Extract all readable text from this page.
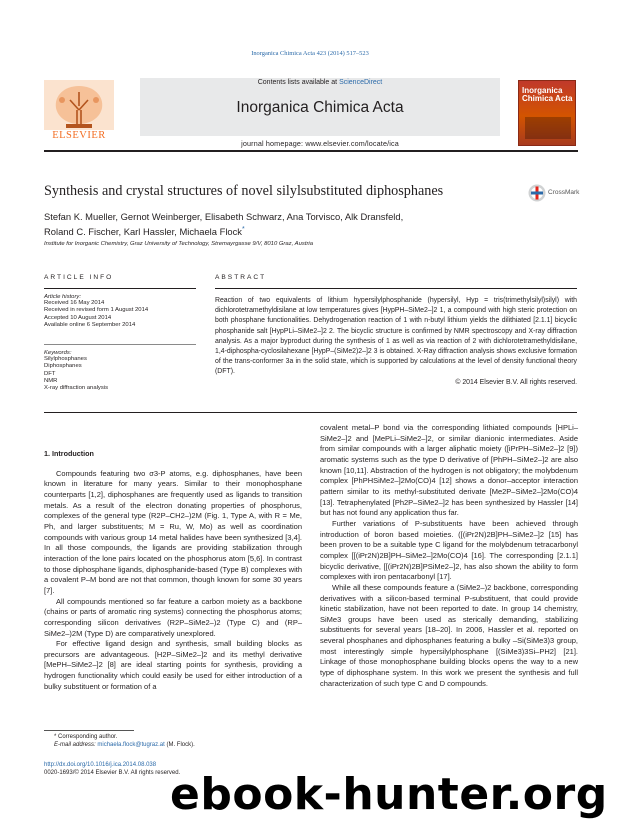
Inorganica Chimica Acta 423 (2014) 517–523
ELSEVIER
Contents lists available at ScienceDirect
Inorganica Chimica Acta
journal homepage: www.elsevier.com/locate/ica
Inorganica Chimica Acta
Synthesis and crystal structures of novel silylsubstituted diphosphanes	CrossMark
Stefan K. Mueller, Gernot Weinberger, Elisabeth Schwarz, Ana Torvisco, Alk Dransfeld,
Roland C. Fischer, Karl Hassler, Michaela Flock*
Institute for Inorganic Chemistry, Graz University of Technology, Stremayrgasse 9/V, 8010 Graz, Austria
ARTICLE INFO	ABSTRACT
Article history:
Received 16 May 2014
Received in revised form 1 August 2014
Accepted 10 August 2014
Available online 6 September 2014
Keywords:
Silylphosphanes
Diphosphanes
DFT
NMR
X-ray diffraction analysis
Reaction of two equivalents of lithium hypersilylphosphanide (hypersilyl, Hyp = tris(trimethylsilyl)silyl) with dichlorotetramethyldisilane at low temperatures gives [HypPH–SiMe2–]2 1, a compound with high steric protection on both phosphane functionalities. Dehydrogenation reaction of 1 with n-butyl lithium yields the dilithiated [2.1.1] bicyclic phosphanide salt [HypPLi–SiMe2–]2 2. The bicyclic structure is confirmed by NMR spectroscopy and X-ray diffraction analysis. As a major byproduct during the synthesis of 1 as well as via reaction of 2 with dichlorotetramethyldisilane, 1,4-diphospha-cyclosilahexane [HypP–(SiMe2)2–]2 3 is obtained. X-Ray diffraction analysis shows exclusive formation of the trans-conformer 3a in the solid state, which is supported by calculations at the level of density functional theory (DFT).
© 2014 Elsevier B.V. All rights reserved.
1. Introduction

Compounds featuring two σ3-P atoms, e.g. diphosphanes, have been known in literature for many years. Similar to their monophosphane counterparts [1,2], diphosphanes are frequently used as ligands to transition metals. As a result of the electron donating properties of phosphorus, complexes of the general type (R2P–CH2–)2M (Fig. 1, Type A, with R = Me, Ph, and larger substituents; M = Ru, W, Mo) as well as coordination compounds with various group 14 metal halides have been synthesized [3,4]. In all those compounds, the ligands are providing stabilization through interaction of the lone pairs located on the phosphorus atom [5,6]. In contrast to those diphosphane ligands, diphosphanide-based (Type B) complexes with a covalent P–M bond are not that common, though known for some 30 years [7].

All compounds mentioned so far feature a carbon moiety as a backbone (chains or parts of aromatic ring systems) connecting the phosphorus atoms; corresponding silicon derivatives (R2P–SiMe2–)2 (Type C) and (RP–SiMe2–)2M (Type D) are comparatively unexplored.

For effective ligand design and synthesis, small building blocks as precursors are advantageous. [H2P–SiMe2–]2 and its methyl derivative [MePH–SiMe2–]2 [8] are ideal starting points for synthesis, providing a hydrogen functionality which could easily be used for either introduction of a bulky substituent or formation of a

covalent metal–P bond via the corresponding lithiated compounds [HPLi–SiMe2–]2 and [MePLi–SiMe2–]2, or similar dianionic intermediates. Aside from similar compounds with a larger aliphatic moiety ([iPrPH–SiMe2–]2 [9]) aromatic systems such as the type D derivative of [PhPH–SiMe2–]2 are also known [10,11]. Abstraction of the hydrogen is not obligatory; the molybdenum complex [PhPHSiMe2–]2Mo(CO)4 [12] shows a donor–acceptor interaction pattern similar to its methyl-substituted derivate [Me2P–SiMe2–]2Mo(CO)4 [13]. Tetraphenylated [Ph2P–SiMe2–]2 has been synthesized by Hassler [14] but has not found any application thus far.

Further variations of P-substituents have been achieved through introduction of boron based moieties. ([(iPr2N)2B]PH–SiMe2–]2 [15] has been proven to be a suitable type C ligand for the molybdenum tetracarbonyl complex [[(iPr2N)2B]PH–SiMe2–]2Mo(CO)4 [16]. The corresponding [2.1.1] bicyclic derivative, [[(iPr2N)2B]PSiMe2–]2, has also shown the ability to form complexes with iron pentacarbonyl [17].

While all these compounds feature a (SiMe2–)2 backbone, corresponding derivatives with a silicon-based terminal P-substituent, that could provide kinetic stabilization, have not been reported to date. In group 14 chemistry, SiMe3 groups have been used as sterically demanding, stabilizing substituents for several years [18–20]. In 2006, Hassler et al. reported on several phosphanes and diphosphanes featuring a bulky –Si(SiMe3)3 group, most interestingly simple hypersilylphosphane [(SiMe3)3Si–PH2] [21]. Linkage of those monophosphane building blocks opens the way to a new type of diphosphane system. In this work we present the synthesis and full characterization of such type C and D compounds.

* Corresponding author.
E-mail address: michaela.flock@tugraz.at (M. Flock).
http://dx.doi.org/10.1016/j.ica.2014.08.038
0020-1693/© 2014 Elsevier B.V. All rights reserved.
ebook-hunter.org
